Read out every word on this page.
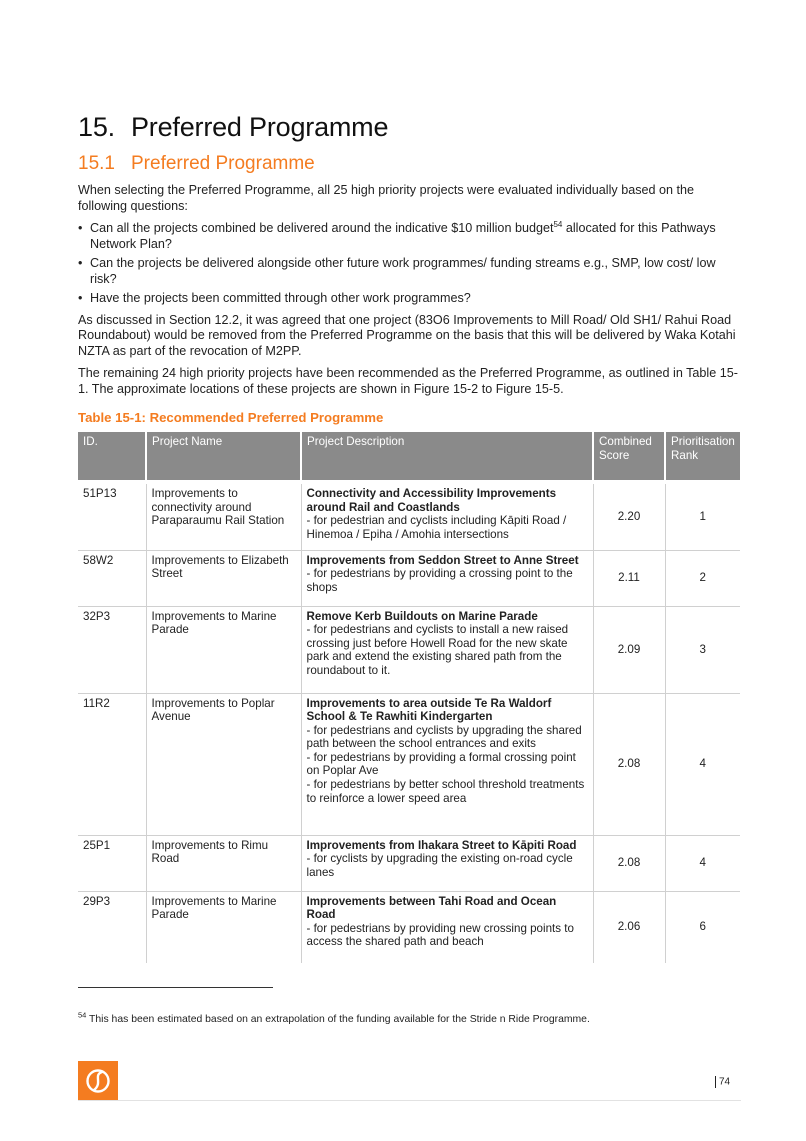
15. Preferred Programme
15.1 Preferred Programme

When selecting the Preferred Programme, all 25 high priority projects were evaluated individually based on the following questions:

• Can all the projects combined be delivered around the indicative $10 million budget$^{54}$ allocated for this Pathways Network Plan?
• Can the projects be delivered alongside other future work programmes/ funding streams e.g., SMP, low cost/ low risk?
• Have the projects been committed through other work programmes?

As discussed in Section 12.2, it was agreed that one project (83O6 Improvements to Mill Road/ Old SH1/ Rahui Road Roundabout) would be removed from the Preferred Programme on the basis that this will be delivered by Waka Kotahi NZTA as part of the revocation of M2PP.

The remaining 24 high priority projects have been recommended as the Preferred Programme, as outlined in Table 15-1. The approximate locations of these projects are shown in Figure 15-2 to Figure 15-5.

Table 15-1: Recommended Preferred Programme
ID.	Project Name	Project Description	Combined Score	Prioritisation Rank

51P13	Improvements to connectivity around Paraparaumu Rail Station	Connectivity and Accessibility Improvements around Rail and Coastlands
- for pedestrian and cyclists including Kāpiti Road / Hinemoa / Epiha / Amohia intersections	2.20	1
58W2	Improvements to Elizabeth Street	Improvements from Seddon Street to Anne Street
- for pedestrians by providing a crossing point to the shops	2.11	2
32P3	Improvements to Marine Parade	Remove Kerb Buildouts on Marine Parade
- for pedestrians and cyclists to install a new raised crossing just before Howell Road for the new skate park and extend the existing shared path from the roundabout to it.	2.09	3
11R2	Improvements to Poplar Avenue	Improvements to area outside Te Ra Waldorf School & Te Rawhiti Kindergarten
- for pedestrians and cyclists by upgrading the shared path between the school entrances and exits
- for pedestrians by providing a formal crossing point on Poplar Ave
- for pedestrians by better school threshold treatments to reinforce a lower speed area	2.08	4
25P1	Improvements to Rimu Road	Improvements from Ihakara Street to Kāpiti Road
- for cyclists by upgrading the existing on-road cycle lanes	2.08	4
29P3	Improvements to Marine Parade	Improvements between Tahi Road and Ocean Road
- for pedestrians by providing new crossing points to access the shared path and beach	2.06	6
$^{54}$ This has been estimated based on an extrapolation of the funding available for the Stride n Ride Programme.
74
